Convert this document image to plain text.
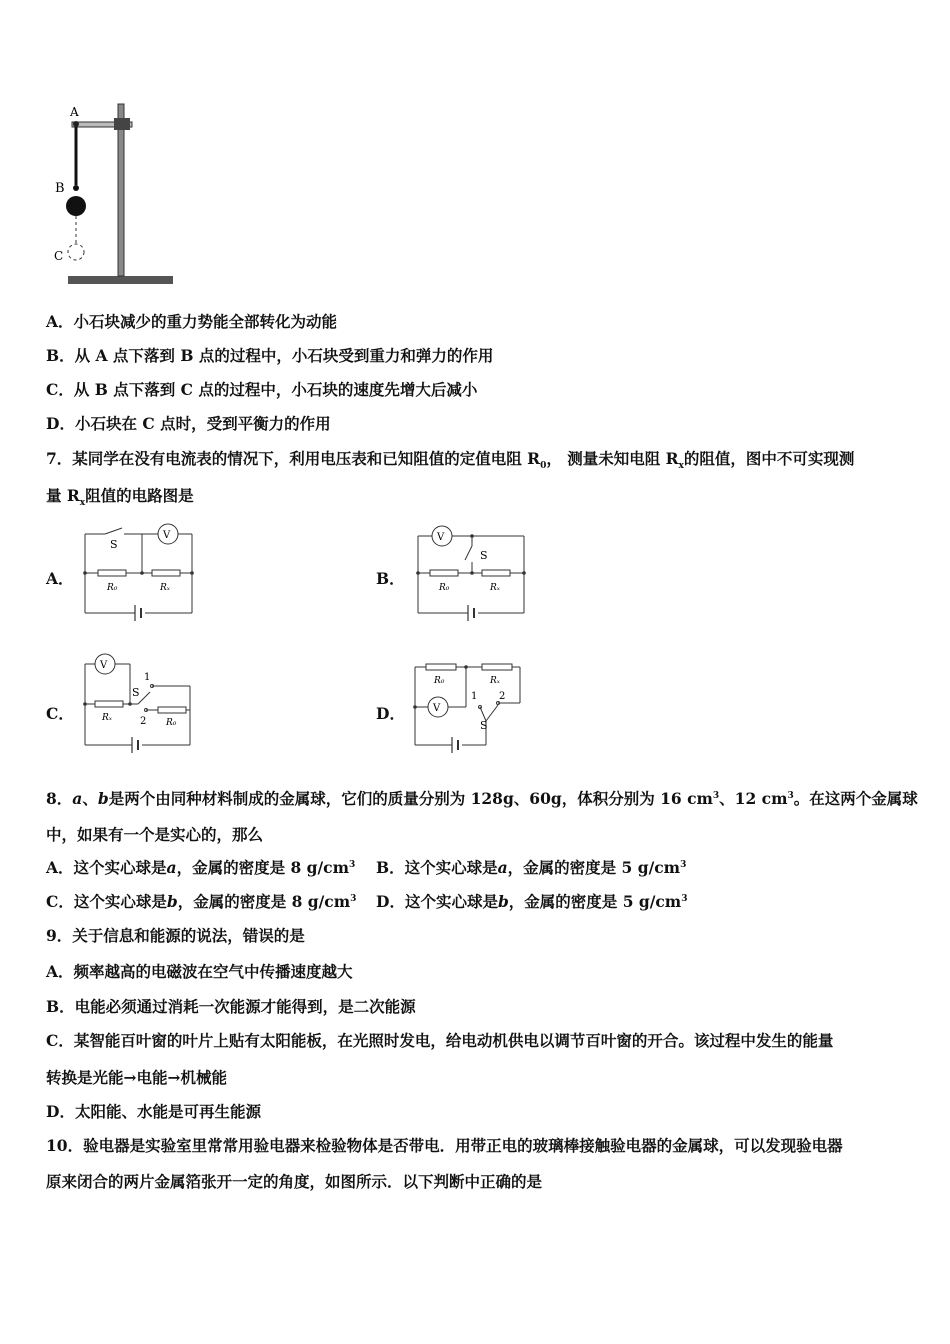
A
B
C
A．小石块减少的重力势能全部转化为动能
B．从 A 点下落到 B 点的过程中，小石块受到重力和弹力的作用
C．从 B 点下落到 C 点的过程中，小石块的速度先增大后减小
D．小石块在 C 点时，受到平衡力的作用
7．某同学在没有电流表的情况下，利用电压表和已知阻值的定值电阻 $R_0$， 测量未知电阻 $R_x$的阻值，图中不可实现测
量 $R_x$阻值的电路图是
A．	B．
C．	D．
S
V
R₀	Rₓ
S
V
R₀	Rₓ
1
2
S
V
Rₓ	R₀
1 2
S
V
R₀	Rₓ
8．a、b是两个由同种材料制成的金属球，它们的质量分别为 128g、60g，体积分别为 16 $cm^3$、12 $cm^3$。在这两个金属球
中，如果有一个是实心的，那么
A．这个实心球是a，金属的密度是 8 $g/cm^3$ B．这个实心球是a，金属的密度是 5 $g/cm^3$
C．这个实心球是b，金属的密度是 8 $g/cm^3$ D．这个实心球是b，金属的密度是 5 $g/cm^3$
9．关于信息和能源的说法，错误的是
A．频率越高的电磁波在空气中传播速度越大
B．电能必须通过消耗一次能源才能得到，是二次能源
C．某智能百叶窗的叶片上贴有太阳能板，在光照时发电，给电动机供电以调节百叶窗的开合。该过程中发生的能量
转换是光能→电能→机械能
D．太阳能、水能是可再生能源
10．验电器是实验室里常常用验电器来检验物体是否带电．用带正电的玻璃棒接触验电器的金属球，可以发现验电器
原来闭合的两片金属箔张开一定的角度，如图所示．以下判断中正确的是
